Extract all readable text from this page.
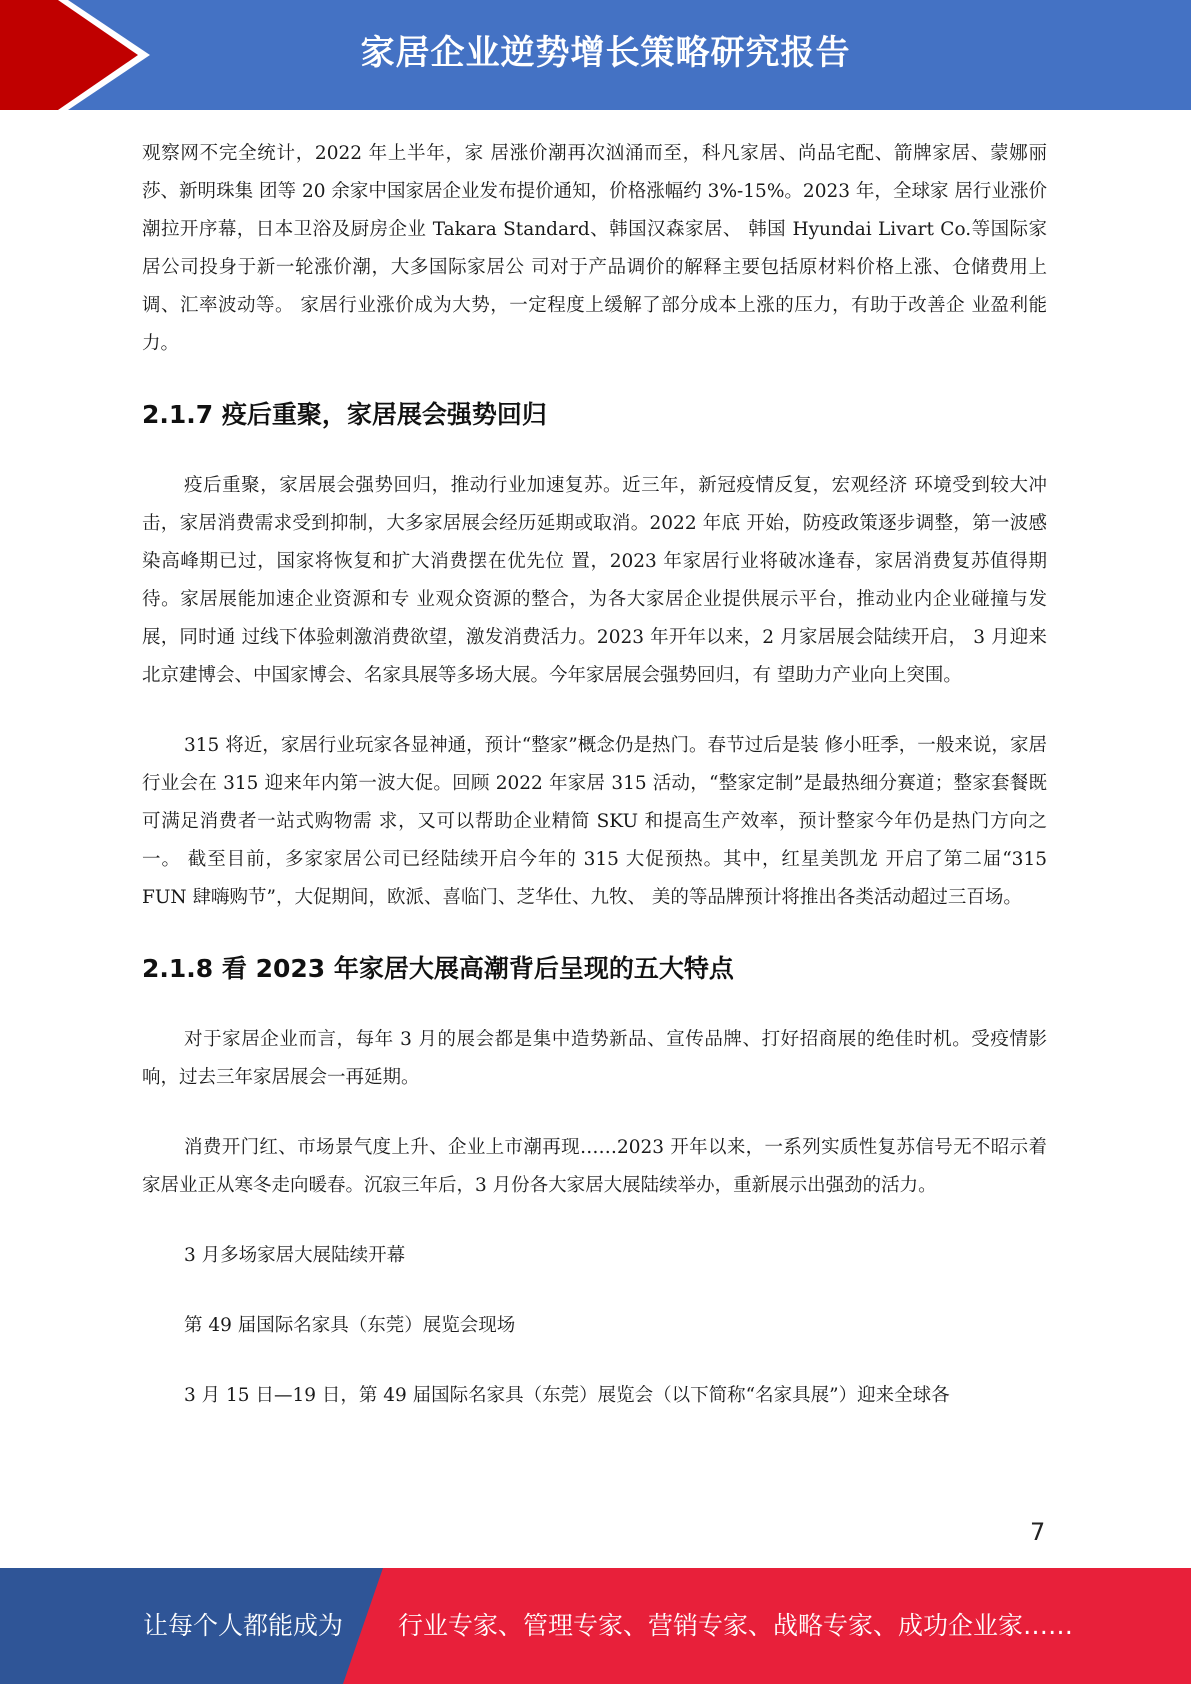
家居企业逆势增长策略研究报告

观察网不完全统计，2022 年上半年，家 居涨价潮再次汹涌而至，科凡家居、尚品宅配、箭牌家居、蒙娜丽莎、新明珠集 团等 20 余家中国家居企业发布提价通知，价格涨幅约 3%-15%。2023 年，全球家 居行业涨价潮拉开序幕，日本卫浴及厨房企业 Takara Standard、韩国汉森家居、 韩国 Hyundai Livart Co.等国际家居公司投身于新一轮涨价潮，大多国际家居公 司对于产品调价的解释主要包括原材料价格上涨、仓储费用上调、汇率波动等。 家居行业涨价成为大势，一定程度上缓解了部分成本上涨的压力，有助于改善企 业盈利能力。

2.1.7 疫后重聚，家居展会强势回归

疫后重聚，家居展会强势回归，推动行业加速复苏。近三年，新冠疫情反复，宏观经济 环境受到较大冲击，家居消费需求受到抑制，大多家居展会经历延期或取消。2022 年底 开始，防疫政策逐步调整，第一波感染高峰期已过，国家将恢复和扩大消费摆在优先位 置，2023 年家居行业将破冰逢春，家居消费复苏值得期待。家居展能加速企业资源和专 业观众资源的整合，为各大家居企业提供展示平台，推动业内企业碰撞与发展，同时通 过线下体验刺激消费欲望，激发消费活力。2023 年开年以来，2 月家居展会陆续开启， 3 月迎来北京建博会、中国家博会、名家具展等多场大展。今年家居展会强势回归，有 望助力产业向上突围。

315 将近，家居行业玩家各显神通，预计“整家”概念仍是热门。春节过后是装 修小旺季，一般来说，家居行业会在 315 迎来年内第一波大促。回顾 2022 年家居 315 活动，“整家定制”是最热细分赛道；整家套餐既可满足消费者一站式购物需 求，又可以帮助企业精简 SKU 和提高生产效率，预计整家今年仍是热门方向之一。 截至目前，多家家居公司已经陆续开启今年的 315 大促预热。其中，红星美凯龙 开启了第二届“315 FUN 肆嗨购节”，大促期间，欧派、喜临门、芝华仕、九牧、 美的等品牌预计将推出各类活动超过三百场。

2.1.8 看 2023 年家居大展高潮背后呈现的五大特点

对于家居企业而言，每年 3 月的展会都是集中造势新品、宣传品牌、打好招商展的绝佳时机。受疫情影响，过去三年家居展会一再延期。

消费开门红、市场景气度上升、企业上市潮再现……2023 开年以来，一系列实质性复苏信号无不昭示着家居业正从寒冬走向暖春。沉寂三年后，3 月份各大家居大展陆续举办，重新展示出强劲的活力。

3 月多场家居大展陆续开幕

第 49 届国际名家具（东莞）展览会现场

3 月 15 日—19 日，第 49 届国际名家具（东莞）展览会（以下简称“名家具展”）迎来全球各

7
让每个人都能成为 行业专家、管理专家、营销专家、战略专家、成功企业家……
